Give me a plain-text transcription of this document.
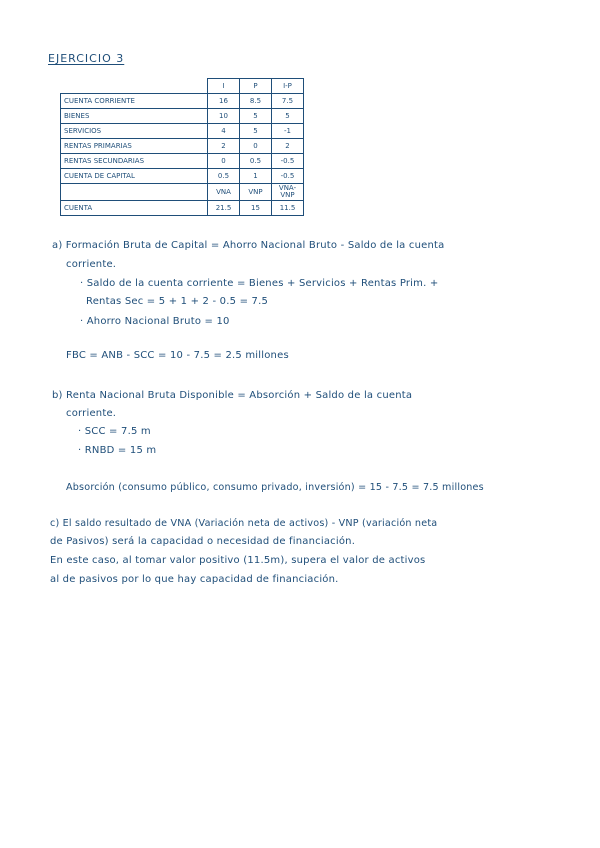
EJERCICIO 3
	I	P	I-P
CUENTA CORRIENTE	16	8.5	7.5
BIENES	10	5	5
SERVICIOS	4	5	-1
RENTAS PRIMARIAS	2	0	2
RENTAS SECUNDARIAS	0	0.5	-0.5
CUENTA DE CAPITAL	0.5	1	-0.5
	VNA	VNP	VNA-VNP
CUENTA	21.5	15	11.5
a) Formación Bruta de Capital = Ahorro Nacional Bruto - Saldo de la cuenta
corriente.
· Saldo de la cuenta corriente = Bienes + Servicios + Rentas Prim. +
Rentas Sec = 5 + 1 + 2 - 0.5 = 7.5
· Ahorro Nacional Bruto = 10
FBC = ANB - SCC = 10 - 7.5 = 2.5 millones
b) Renta Nacional Bruta Disponible = Absorción + Saldo de la cuenta
corriente.
· SCC = 7.5 m
· RNBD = 15 m
Absorción (consumo público, consumo privado, inversión) = 15 - 7.5 = 7.5 millones
c) El saldo resultado de VNA (Variación neta de activos) - VNP (variación neta
de Pasivos) será la capacidad o necesidad de financiación.
En este caso, al tomar valor positivo (11.5m), supera el valor de activos
al de pasivos por lo que hay capacidad de financiación.
